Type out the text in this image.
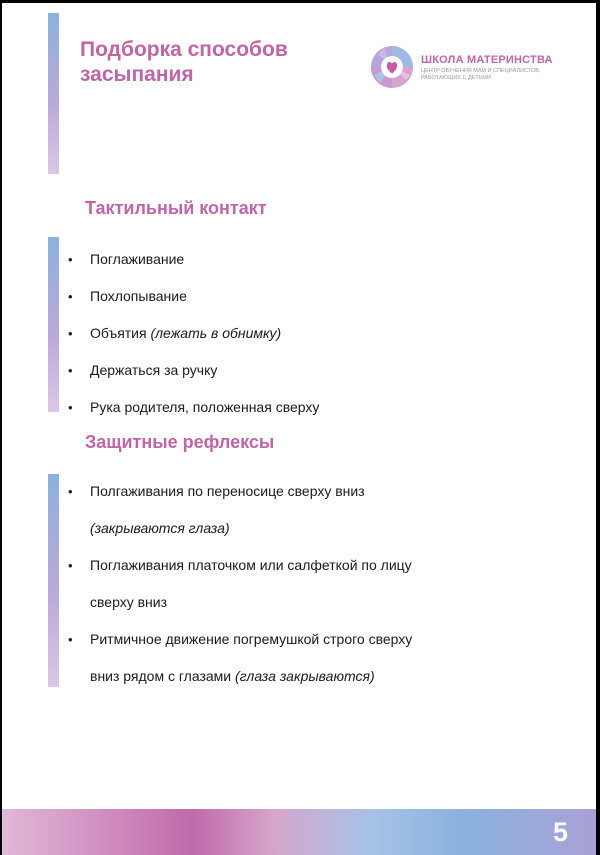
Подборка способов
засыпания
ШКОЛА МАТЕРИНСТВА
ЦЕНТР ОБУЧЕНИЯ МАМ И СПЕЦИАЛИСТОВ,
РАБОТАЮЩИХ С ДЕТЬМИ
Тактильный контакт
• Поглаживание
• Похлопывание
• Объятия (лежать в обнимку)
• Держаться за ручку
• Рука родителя, положенная сверху
Защитные рефлексы
• Полгаживания по переносице сверху вниз
(закрываются глаза)
• Поглаживания платочком или салфеткой по лицу
сверху вниз
• Ритмичное движение погремушкой строго сверху
вниз рядом с глазами (глаза закрываются)
5
